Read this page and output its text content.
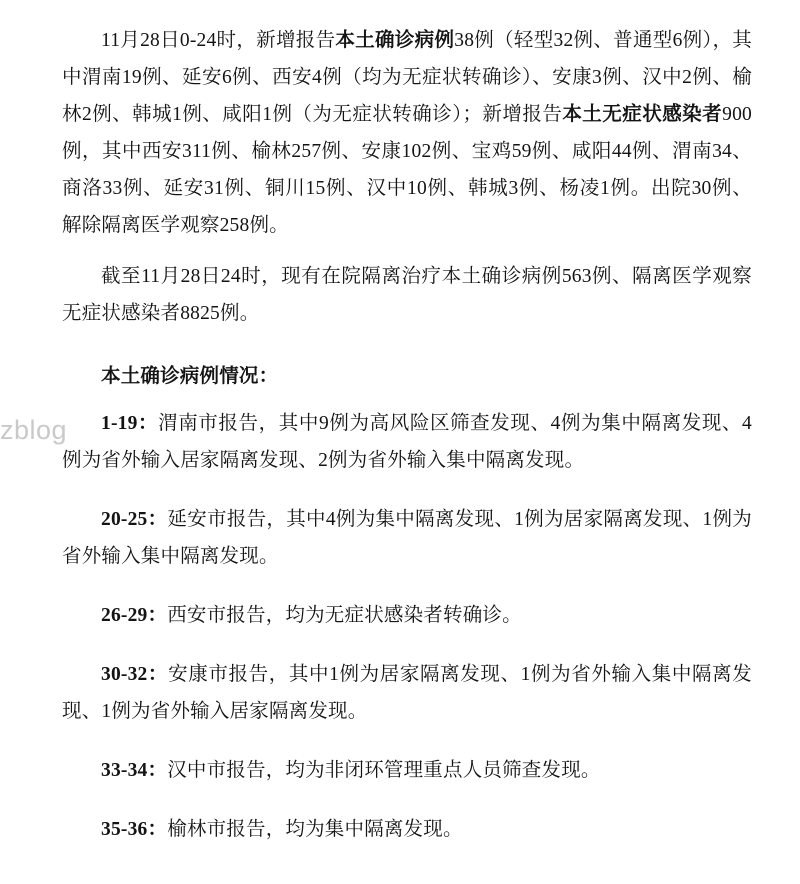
11月28日0-24时，新增报告本土确诊病例38例（轻型32例、普通型6例），其中渭南19例、延安6例、西安4例（均为无症状转确诊）、安康3例、汉中2例、榆林2例、韩城1例、咸阳1例（为无症状转确诊）；新增报告本土无症状感染者900例，其中西安311例、榆林257例、安康102例、宝鸡59例、咸阳44例、渭南34、商洛33例、延安31例、铜川15例、汉中10例、韩城3例、杨凌1例。出院30例、解除隔离医学观察258例。

截至11月28日24时，现有在院隔离治疗本土确诊病例563例、隔离医学观察无症状感染者8825例。

本土确诊病例情况：

1-19：渭南市报告，其中9例为高风险区筛查发现、4例为集中隔离发现、4例为省外输入居家隔离发现、2例为省外输入集中隔离发现。

20-25：延安市报告，其中4例为集中隔离发现、1例为居家隔离发现、1例为省外输入集中隔离发现。

26-29：西安市报告，均为无症状感染者转确诊。

30-32：安康市报告，其中1例为居家隔离发现、1例为省外输入集中隔离发现、1例为省外输入居家隔离发现。

33-34：汉中市报告，均为非闭环管理重点人员筛查发现。

35-36：榆林市报告，均为集中隔离发现。

zblog
